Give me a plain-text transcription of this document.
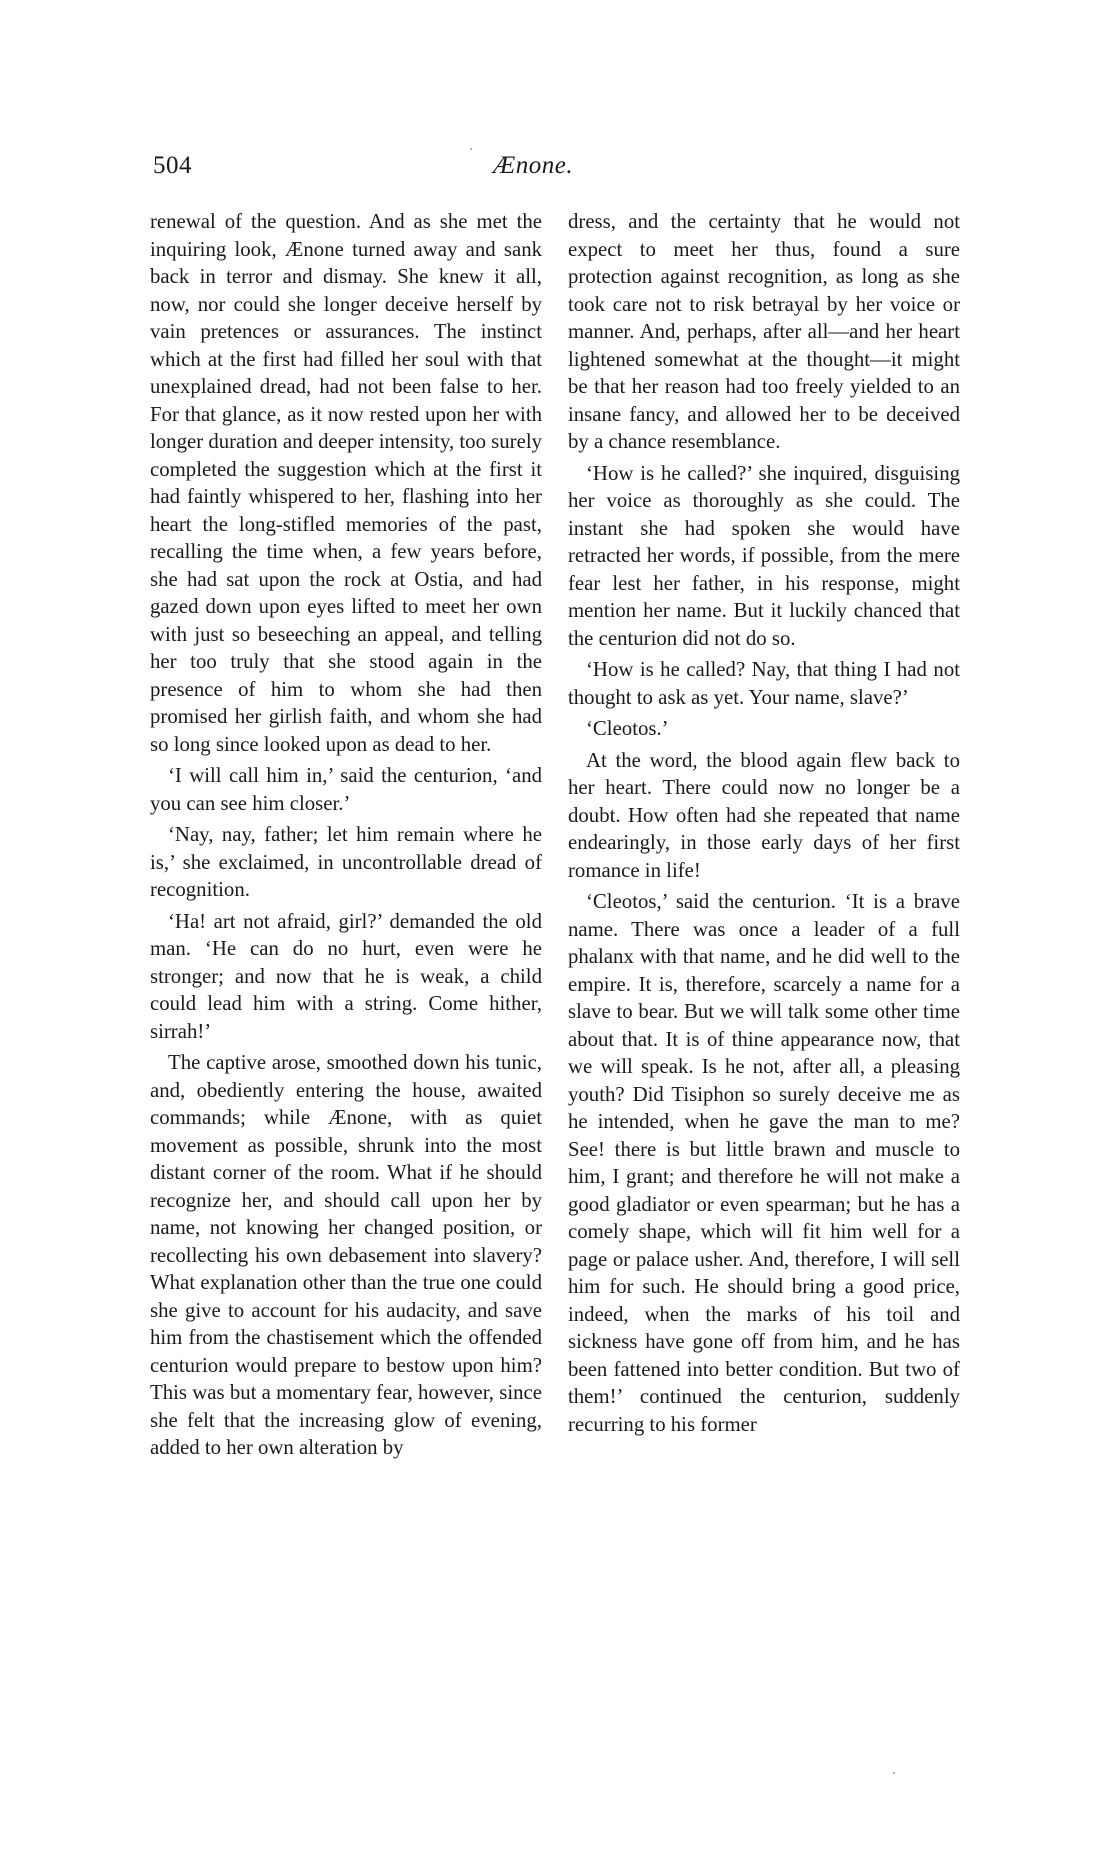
504	Ænone.

renewal of the question. And as she met the inquiring look, Ænone turned away and sank back in terror and dismay. She knew it all, now, nor could she longer deceive herself by vain pretences or assurances. The instinct which at the first had filled her soul with that unexplained dread, had not been false to her. For that glance, as it now rested upon her with longer duration and deeper intensity, too surely completed the suggestion which at the first it had faintly whispered to her, flashing into her heart the long-stifled memories of the past, recalling the time when, a few years before, she had sat upon the rock at Ostia, and had gazed down upon eyes lifted to meet her own with just so beseeching an appeal, and telling her too truly that she stood again in the presence of him to whom she had then promised her girlish faith, and whom she had so long since looked upon as dead to her.

‘I will call him in,’ said the centurion, ‘and you can see him closer.’

‘Nay, nay, father; let him remain where he is,’ she exclaimed, in uncontrollable dread of recognition.

‘Ha! art not afraid, girl?’ demanded the old man. ‘He can do no hurt, even were he stronger; and now that he is weak, a child could lead him with a string. Come hither, sirrah!’

The captive arose, smoothed down his tunic, and, obediently entering the house, awaited commands; while Ænone, with as quiet movement as possible, shrunk into the most distant corner of the room. What if he should recognize her, and should call upon her by name, not knowing her changed position, or recollecting his own debasement into slavery? What explanation other than the true one could she give to account for his audacity, and save him from the chastisement which the offended centurion would prepare to bestow upon him? This was but a momentary fear, however, since she felt that the increasing glow of evening, added to her own alteration by

dress, and the certainty that he would not expect to meet her thus, found a sure protection against recognition, as long as she took care not to risk betrayal by her voice or manner. And, perhaps, after all—and her heart lightened somewhat at the thought—it might be that her reason had too freely yielded to an insane fancy, and allowed her to be deceived by a chance resemblance.

‘How is he called?’ she inquired, disguising her voice as thoroughly as she could. The instant she had spoken she would have retracted her words, if possible, from the mere fear lest her father, in his response, might mention her name. But it luckily chanced that the centurion did not do so.

‘How is he called? Nay, that thing I had not thought to ask as yet. Your name, slave?’

‘Cleotos.’

At the word, the blood again flew back to her heart. There could now no longer be a doubt. How often had she repeated that name endearingly, in those early days of her first romance in life!

‘Cleotos,’ said the centurion. ‘It is a brave name. There was once a leader of a full phalanx with that name, and he did well to the empire. It is, therefore, scarcely a name for a slave to bear. But we will talk some other time about that. It is of thine appearance now, that we will speak. Is he not, after all, a pleasing youth? Did Tisiphon so surely deceive me as he intended, when he gave the man to me? See! there is but little brawn and muscle to him, I grant; and therefore he will not make a good gladiator or even spearman; but he has a comely shape, which will fit him well for a page or palace usher. And, therefore, I will sell him for such. He should bring a good price, indeed, when the marks of his toil and sickness have gone off from him, and he has been fattened into better condition. But two of them!’ continued the centurion, suddenly recurring to his former
